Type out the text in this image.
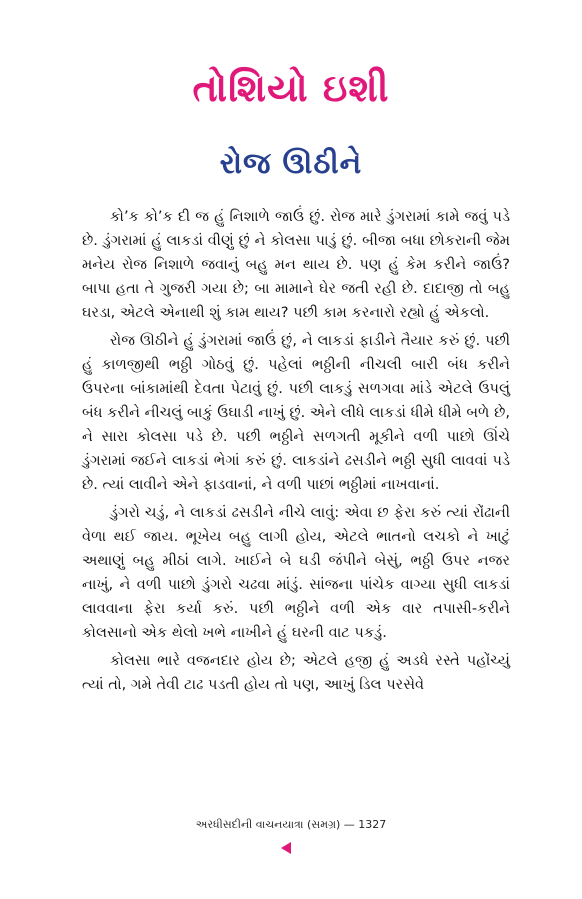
તોશિયો ઇશી
રોજ ઊઠીને

કો’ક કો’ક દી જ હું નિશાળે જાઉં છું. રોજ મારે ડુંગરામાં કામે જવું પડે છે. ડુંગરામાં હું લાકડાં વીણું છું ને કોલસા પાડું છું. બીજા બધા છોકરાની જેમ મનેય રોજ નિશાળે જવાનું બહુ મન થાય છે. પણ હું કેમ કરીને જાઉં? બાપા હતા તે ગુજરી ગયા છે; બા મામાને ઘેર જતી રહી છે. દાદાજી તો બહુ ઘરડા, એટલે એનાથી શું કામ થાય? પછી કામ કરનારો રહ્યો હું એકલો.

રોજ ઊઠીને હું ડુંગરામાં જાઉં છું, ને લાકડાં ફાડીને તૈયાર કરું છું. પછી હું કાળજીથી ભઠ્ઠી ગોઠવું છું. પહેલાં ભઠ્ઠીની નીચલી બારી બંધ કરીને ઉપરના બાંકામાંથી દેવતા પેટાવું છું. પછી લાકડું સળગવા માંડે એટલે ઉપલું બંધ કરીને નીચલું બાકું ઉઘાડી નાખું છું. એને લીધે લાકડાં ધીમે ધીમે બળે છે, ને સારા કોલસા પડે છે. પછી ભઠ્ઠીને સળગતી મૂકીને વળી પાછો ઊંચે ડુંગરામાં જઈને લાકડાં ભેગાં કરું છું. લાકડાંને ઢસડીને ભઠ્ઠી સુધી લાવવાં પડે છે. ત્યાં લાવીને એને ફાડવાનાં, ને વળી પાછાં ભઠ્ઠીમાં નાખવાનાં.

ડુંગરો ચડું, ને લાકડાં ઢસડીને નીચે લાવું: એવા છ ફેરા કરું ત્યાં રોંઢાની વેળા થઈ જાય. ભૂખેય બહુ લાગી હોય, એટલે ભાતનો લચકો ને ખાટું અથાણું બહુ મીઠાં લાગે. ખાઈને બે ઘડી જંપીને બેસું, ભઠ્ઠી ઉપર નજર નાખું, ને વળી પાછો ડુંગરો ચઢવા માંડું. સાંજના પાંચેક વાગ્યા સુધી લાકડાં લાવવાના ફેરા કર્યા કરું. પછી ભઠ્ઠીને વળી એક વાર તપાસી-કરીને કોલસાનો એક થેલો ખભે નાખીને હું ઘરની વાટ પકડું.

કોલસા ભારે વજનદાર હોય છે; એટલે હજી હું અડધે રસ્તે પહોંચ્યું ત્યાં તો, ગમે તેવી ટાઢ પડતી હોય તો પણ, આખું ડિલ પરસેવે

અરધીસદીની વાચનયાત્રા (સમગ્ર) — 1327
